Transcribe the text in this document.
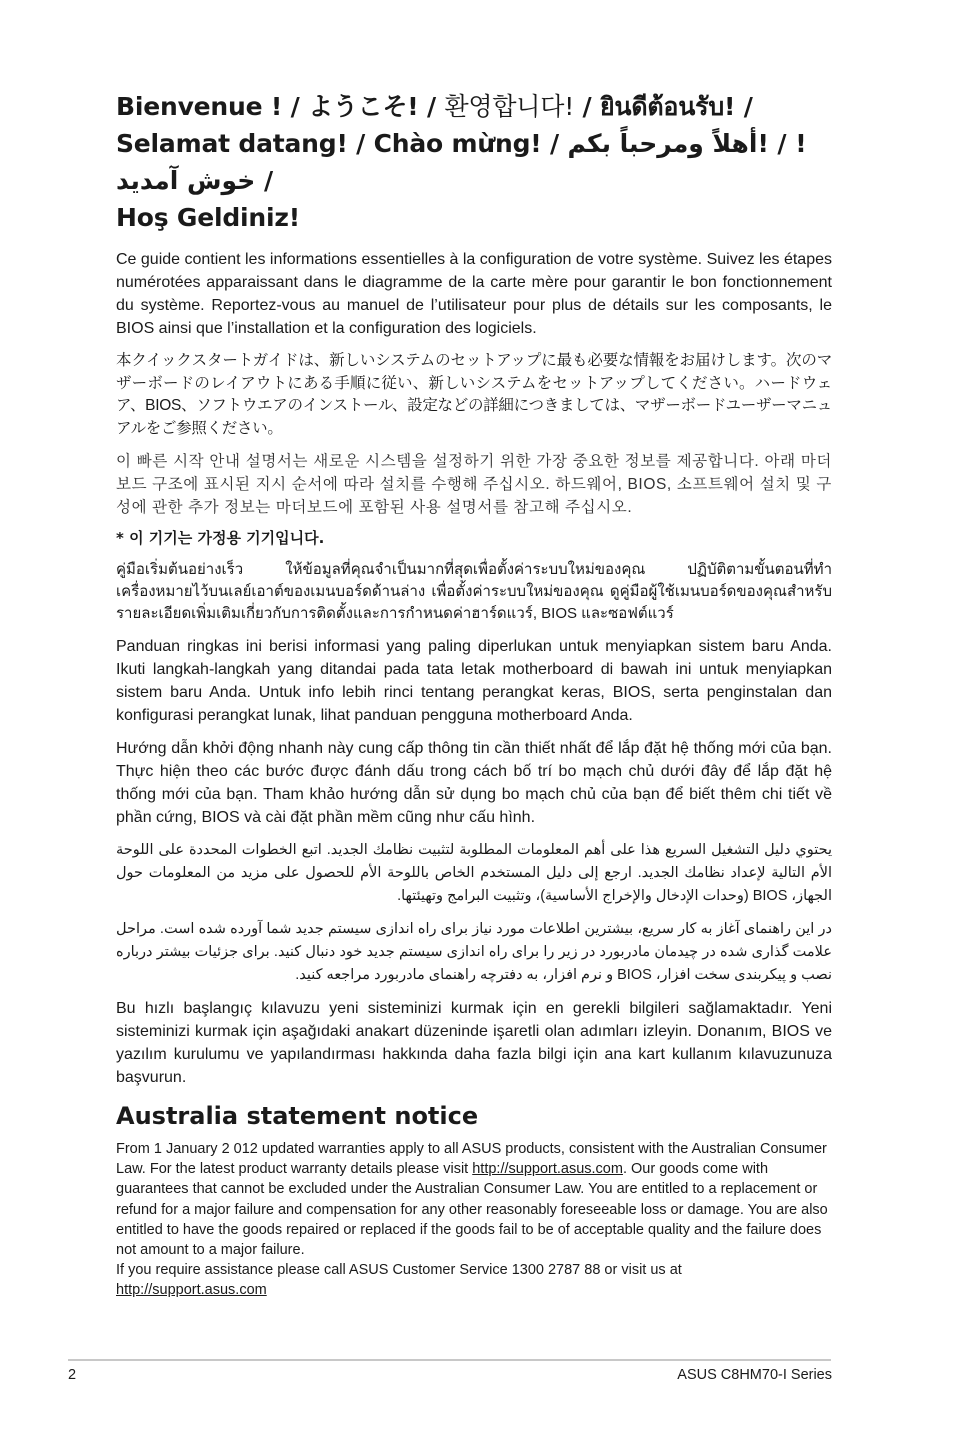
Bienvenue ! / ようこそ! / 환영합니다! / ยินดีต้อนรับ! /
Selamat datang! / Chào mừng! / !أهلاً ومرحباً بكم / !خوش آمدید /
Hoş Geldiniz!

Ce guide contient les informations essentielles à la configuration de votre système. Suivez les étapes numérotées apparaissant dans le diagramme de la carte mère pour garantir le bon fonctionnement du système. Reportez-vous au manuel de l’utilisateur pour plus de détails sur les composants, le BIOS ainsi que l’installation et la configuration des logiciels.

本クイックスタートガイドは、新しいシステムのセットアップに最も必要な情報をお届けします。次のマザーボードのレイアウトにある手順に従い、新しいシステムをセットアップしてください。ハードウェア、BIOS、ソフトウエアのインストール、設定などの詳細につきましては、マザーボードユーザーマニュアルをご参照ください。

이 빠른 시작 안내 설명서는 새로운 시스템을 설정하기 위한 가장 중요한 정보를 제공합니다. 아래 마더보드 구조에 표시된 지시 순서에 따라 설치를 수행해 주십시오. 하드웨어, BIOS, 소프트웨어 설치 및 구성에 관한 추가 정보는 마더보드에 포함된 사용 설명서를 참고해 주십시오.

* 이 기기는 가정용 기기입니다.

คู่มือเริ่มต้นอย่างเร็ว ให้ข้อมูลที่คุณจำเป็นมากที่สุดเพื่อตั้งค่าระบบใหม่ของคุณ ปฏิบัติตามขั้นตอนที่ทำเครื่องหมายไว้บนเลย์เอาต์ของเมนบอร์ดด้านล่าง เพื่อตั้งค่าระบบใหม่ของคุณ ดูคู่มือผู้ใช้เมนบอร์ดของคุณสำหรับรายละเอียดเพิ่มเติมเกี่ยวกับการติดตั้งและการกำหนดค่าฮาร์ดแวร์, BIOS และซอฟต์แวร์

Panduan ringkas ini berisi informasi yang paling diperlukan untuk menyiapkan sistem baru Anda. Ikuti langkah-langkah yang ditandai pada tata letak motherboard di bawah ini untuk menyiapkan sistem baru Anda. Untuk info lebih rinci tentang perangkat keras, BIOS, serta penginstalan dan konfigurasi perangkat lunak, lihat panduan pengguna motherboard Anda.

Hướng dẫn khởi động nhanh này cung cấp thông tin cần thiết nhất để lắp đặt hệ thống mới của bạn. Thực hiện theo các bước được đánh dấu trong cách bố trí bo mạch chủ dưới đây để lắp đặt hệ thống mới của bạn. Tham khảo hướng dẫn sử dụng bo mạch chủ của bạn để biết thêm chi tiết về phần cứng, BIOS và cài đặt phần mềm cũng như cấu hình.

يحتوي دليل التشغيل السريع هذا على أهم المعلومات المطلوبة لتثبيت نظامك الجديد. اتبع الخطوات المحددة على اللوحة الأم التالية لإعداد نظامك الجديد. ارجع إلى دليل المستخدم الخاص باللوحة الأم للحصول على مزيد من المعلومات حول الجهاز، BIOS (وحدات الإدخال والإخراج الأساسية)، وتثبيت البرامج وتهيئتها.

در این راهنمای آغاز به کار سریع، بیشترین اطلاعات مورد نیاز برای راه اندازی سیستم جدید شما آورده شده است. مراحل علامت گذاری شده در چیدمان مادربورد در زیر را برای راه اندازی سیستم جدید خود دنبال کنید. برای جزئیات بیشتر درباره نصب و پیکربندی سخت افزار، BIOS و نرم افزار، به دفترچه راهنمای مادربورد مراجعه کنید.

Bu hızlı başlangıç kılavuzu yeni sisteminizi kurmak için en gerekli bilgileri sağlamaktadır. Yeni sisteminizi kurmak için aşağıdaki anakart düzeninde işaretli olan adımları izleyin. Donanım, BIOS ve yazılım kurulumu ve yapılandırması hakkında daha fazla bilgi için ana kart kullanım kılavuzunuza başvurun.

Australia statement notice

From 1 January 2 012 updated warranties apply to all ASUS products, consistent with the Australian Consumer Law. For the latest product warranty details please visit http://support.asus.com. Our goods come with guarantees that cannot be excluded under the Australian Consumer Law. You are entitled to a replacement or refund for a major failure and compensation for any other reasonably foreseeable loss or damage. You are also entitled to have the goods repaired or replaced if the goods fail to be of acceptable quality and the failure does not amount to a major failure.
If you require assistance please call ASUS Customer Service 1300 2787 88 or visit us at
http://support.asus.com

2	ASUS C8HM70-I Series
